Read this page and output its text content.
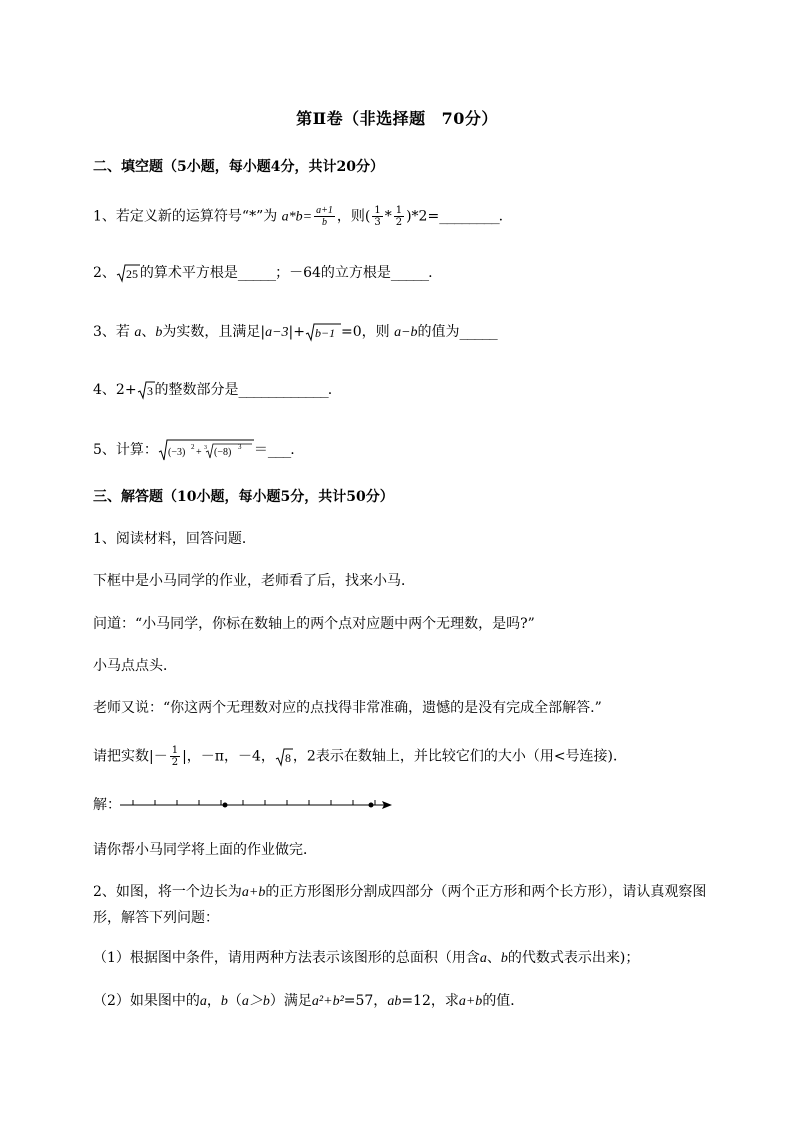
第Ⅱ卷（非选择题 70分）
二、填空题（5小题，每小题4分，共计20分）
1、若定义新的运算符号“*”为 $a*b= \frac{a+1}{b}$ ，则( $\frac{1}{3} * \frac{1}{2}$ )*2=________.
2、 25 的算术平方根是_____；－64的立方根是_____.
3、若 a、b为实数，且满足|a−3|+ b−1 =0，则 a−b的值为_____
4、2+ 3 的整数部分是____________.
5、计算： (−3) 2 + 3 (−8) 3 ＝___.
三、解答题（10小题，每小题5分，共计50分）
1、阅读材料，回答问题．
下框中是小马同学的作业，老师看了后，找来小马．
问道：“小马同学，你标在数轴上的两个点对应题中两个无理数，是吗?”
小马点点头．
老师又说：“你这两个无理数对应的点找得非常准确，遗憾的是没有完成全部解答.”
请把实数|－ $\frac{1}{2}$ |，－π，－4， 8 ，2表示在数轴上，并比较它们的大小（用<号连接)．
解：
请你帮小马同学将上面的作业做完．
2、如图，将一个边长为a+b的正方形图形分割成四部分（两个正方形和两个长方形），请认真观察图
形，解答下列问题：
（1）根据图中条件，请用两种方法表示该图形的总面积（用含a、b的代数式表示出来)；
（2）如果图中的a，b（a＞b）满足a²+b²=57，ab=12，求a+b的值．
